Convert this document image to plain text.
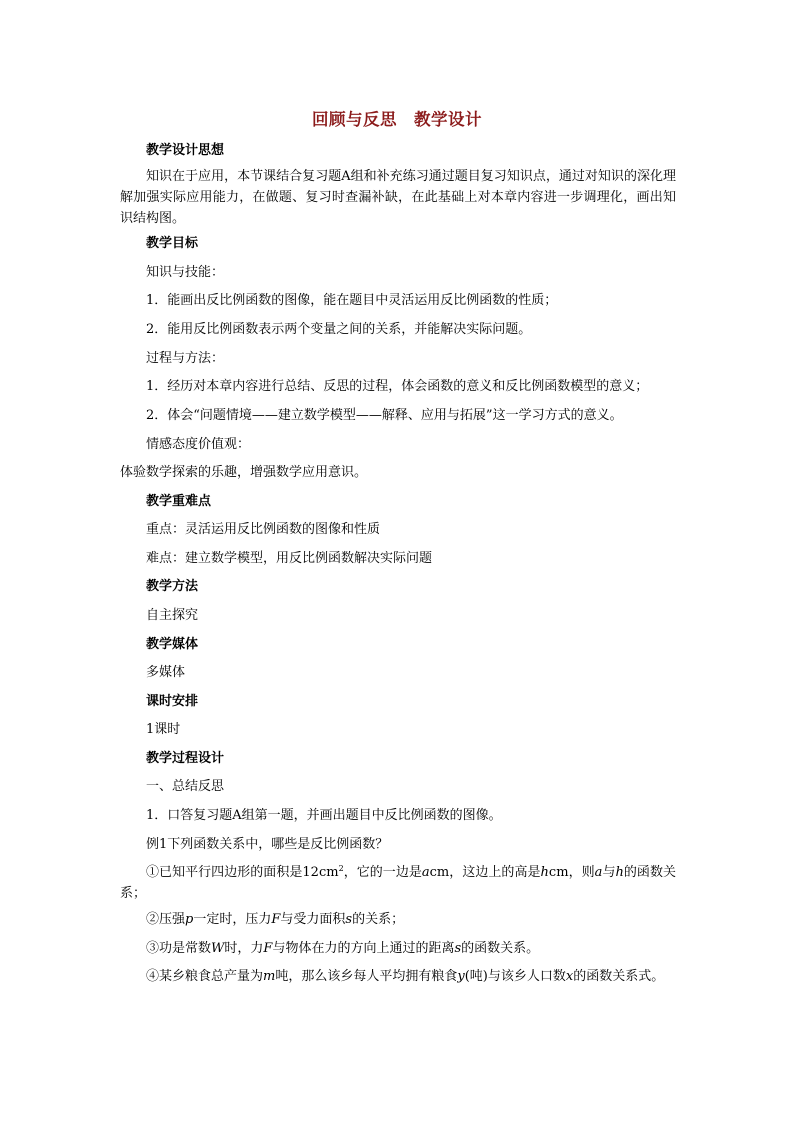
回顾与反思　教学设计
教学设计思想
知识在于应用，本节课结合复习题A组和补充练习通过题目复习知识点，通过对知识的深化理解加强实际应用能力，在做题、复习时查漏补缺，在此基础上对本章内容进一步调理化，画出知识结构图。
教学目标
知识与技能：
1．能画出反比例函数的图像，能在题目中灵活运用反比例函数的性质；
2．能用反比例函数表示两个变量之间的关系，并能解决实际问题。
过程与方法：
1．经历对本章内容进行总结、反思的过程，体会函数的意义和反比例函数模型的意义；
2．体会“问题情境——建立数学模型——解释、应用与拓展”这一学习方式的意义。
情感态度价值观：
体验数学探索的乐趣，增强数学应用意识。
教学重难点
重点：灵活运用反比例函数的图像和性质
难点：建立数学模型，用反比例函数解决实际问题
教学方法
自主探究
教学媒体
多媒体
课时安排
1课时
教学过程设计
一、总结反思
1．口答复习题A组第一题，并画出题目中反比例函数的图像。
例1下列函数关系中，哪些是反比例函数？
①已知平行四边形的面积是$12cm^2$，它的一边是acm，这边上的高是hcm，则a与h的函数关系；
②压强p一定时，压力F与受力面积s的关系；
③功是常数W时，力F与物体在力的方向上通过的距离s的函数关系。
④某乡粮食总产量为m吨，那么该乡每人平均拥有粮食y(吨)与该乡人口数x的函数关系式。
